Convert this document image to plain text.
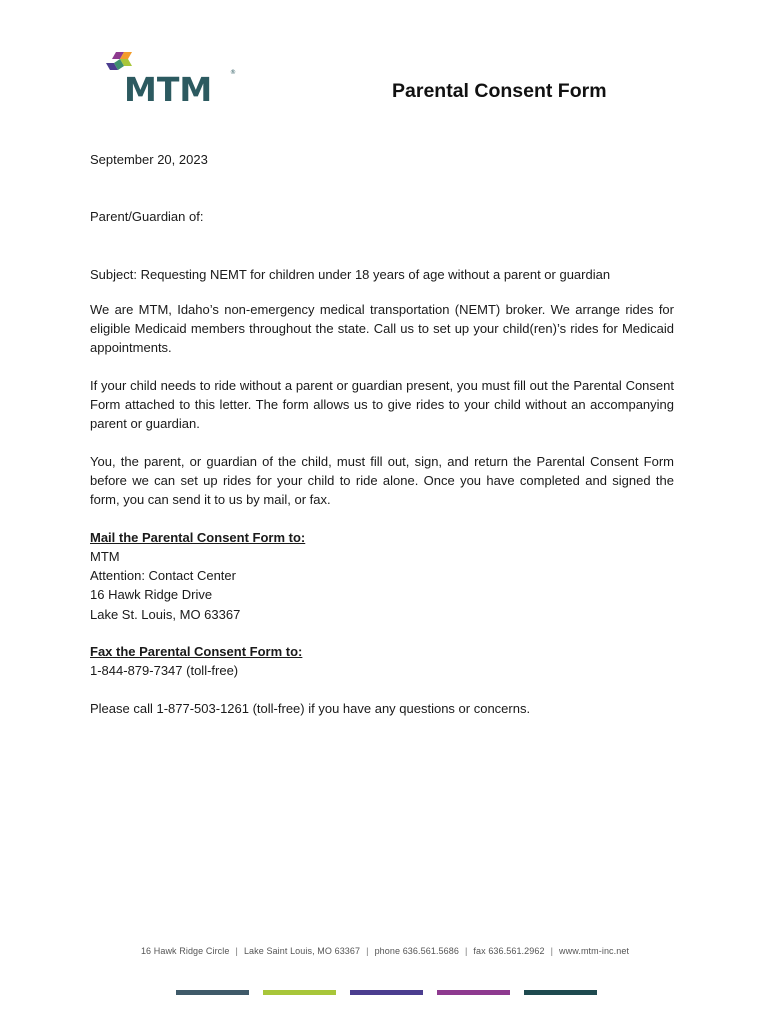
MTM	®
Parental Consent Form

September 20, 2023

Parent/Guardian of:

Subject: Requesting NEMT for children under 18 years of age without a parent or guardian

We are MTM, Idaho’s non-emergency medical transportation (NEMT) broker. We arrange rides for eligible Medicaid members throughout the state. Call us to set up your child(ren)’s rides for Medicaid appointments.

If your child needs to ride without a parent or guardian present, you must fill out the Parental Consent Form attached to this letter. The form allows us to give rides to your child without an accompanying parent or guardian.

You, the parent, or guardian of the child, must fill out, sign, and return the Parental Consent Form before we can set up rides for your child to ride alone. Once you have completed and signed the form, you can send it to us by mail, or fax.

Mail the Parental Consent Form to:

MTM

Attention: Contact Center

16 Hawk Ridge Drive

Lake St. Louis, MO 63367

Fax the Parental Consent Form to:

1-844-879-7347 (toll-free)

Please call 1-877-503-1261 (toll-free) if you have any questions or concerns.

16 Hawk Ridge Circle | Lake Saint Louis, MO 63367 | phone 636.561.5686 | fax 636.561.2962 | www.mtm-inc.net
